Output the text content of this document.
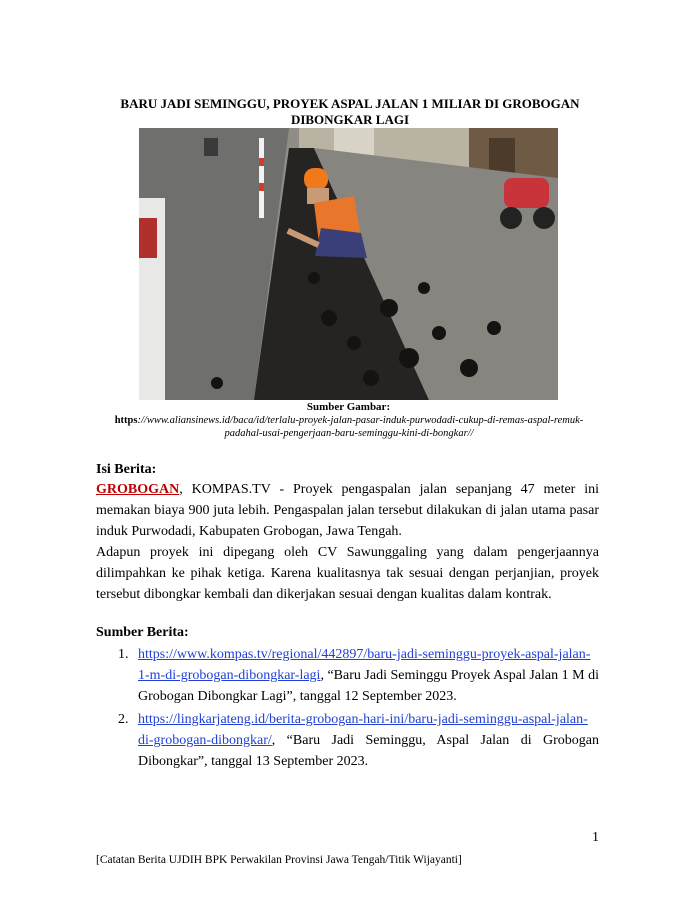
BARU JADI SEMINGGU, PROYEK ASPAL JALAN 1 MILIAR DI GROBOGAN DIBONGKAR LAGI
Sumber Gambar:
https://www.aliansinews.id/baca/id/terlalu-proyek-jalan-pasar-induk-purwodadi-cukup-di-remas-aspal-remuk-padahal-usai-pengerjaan-baru-seminggu-kini-di-bongkar//
Isi Berita:

GROBOGAN, KOMPAS.TV - Proyek pengaspalan jalan sepanjang 47 meter ini memakan biaya 900 juta lebih. Pengaspalan jalan tersebut dilakukan di jalan utama pasar induk Purwodadi, Kabupaten Grobogan, Jawa Tengah.

Adapun proyek ini dipegang oleh CV Sawunggaling yang dalam pengerjaannya dilimpahkan ke pihak ketiga. Karena kualitasnya tak sesuai dengan perjanjian, proyek tersebut dibongkar kembali dan dikerjakan sesuai dengan kualitas dalam kontrak.

Sumber Berita:
1. https://www.kompas.tv/regional/442897/baru-jadi-seminggu-proyek-aspal-jalan-1-m-di-grobogan-dibongkar-lagi, “Baru Jadi Seminggu Proyek Aspal Jalan 1 M di Grobogan Dibongkar Lagi”, tanggal 12 September 2023.
2. https://lingkarjateng.id/berita-grobogan-hari-ini/baru-jadi-seminggu-aspal-jalan-di-grobogan-dibongkar/, “Baru Jadi Seminggu, Aspal Jalan di Grobogan Dibongkar”, tanggal 13 September 2023.
1
[Catatan Berita UJDIH BPK Perwakilan Provinsi Jawa Tengah/Titik Wijayanti]
